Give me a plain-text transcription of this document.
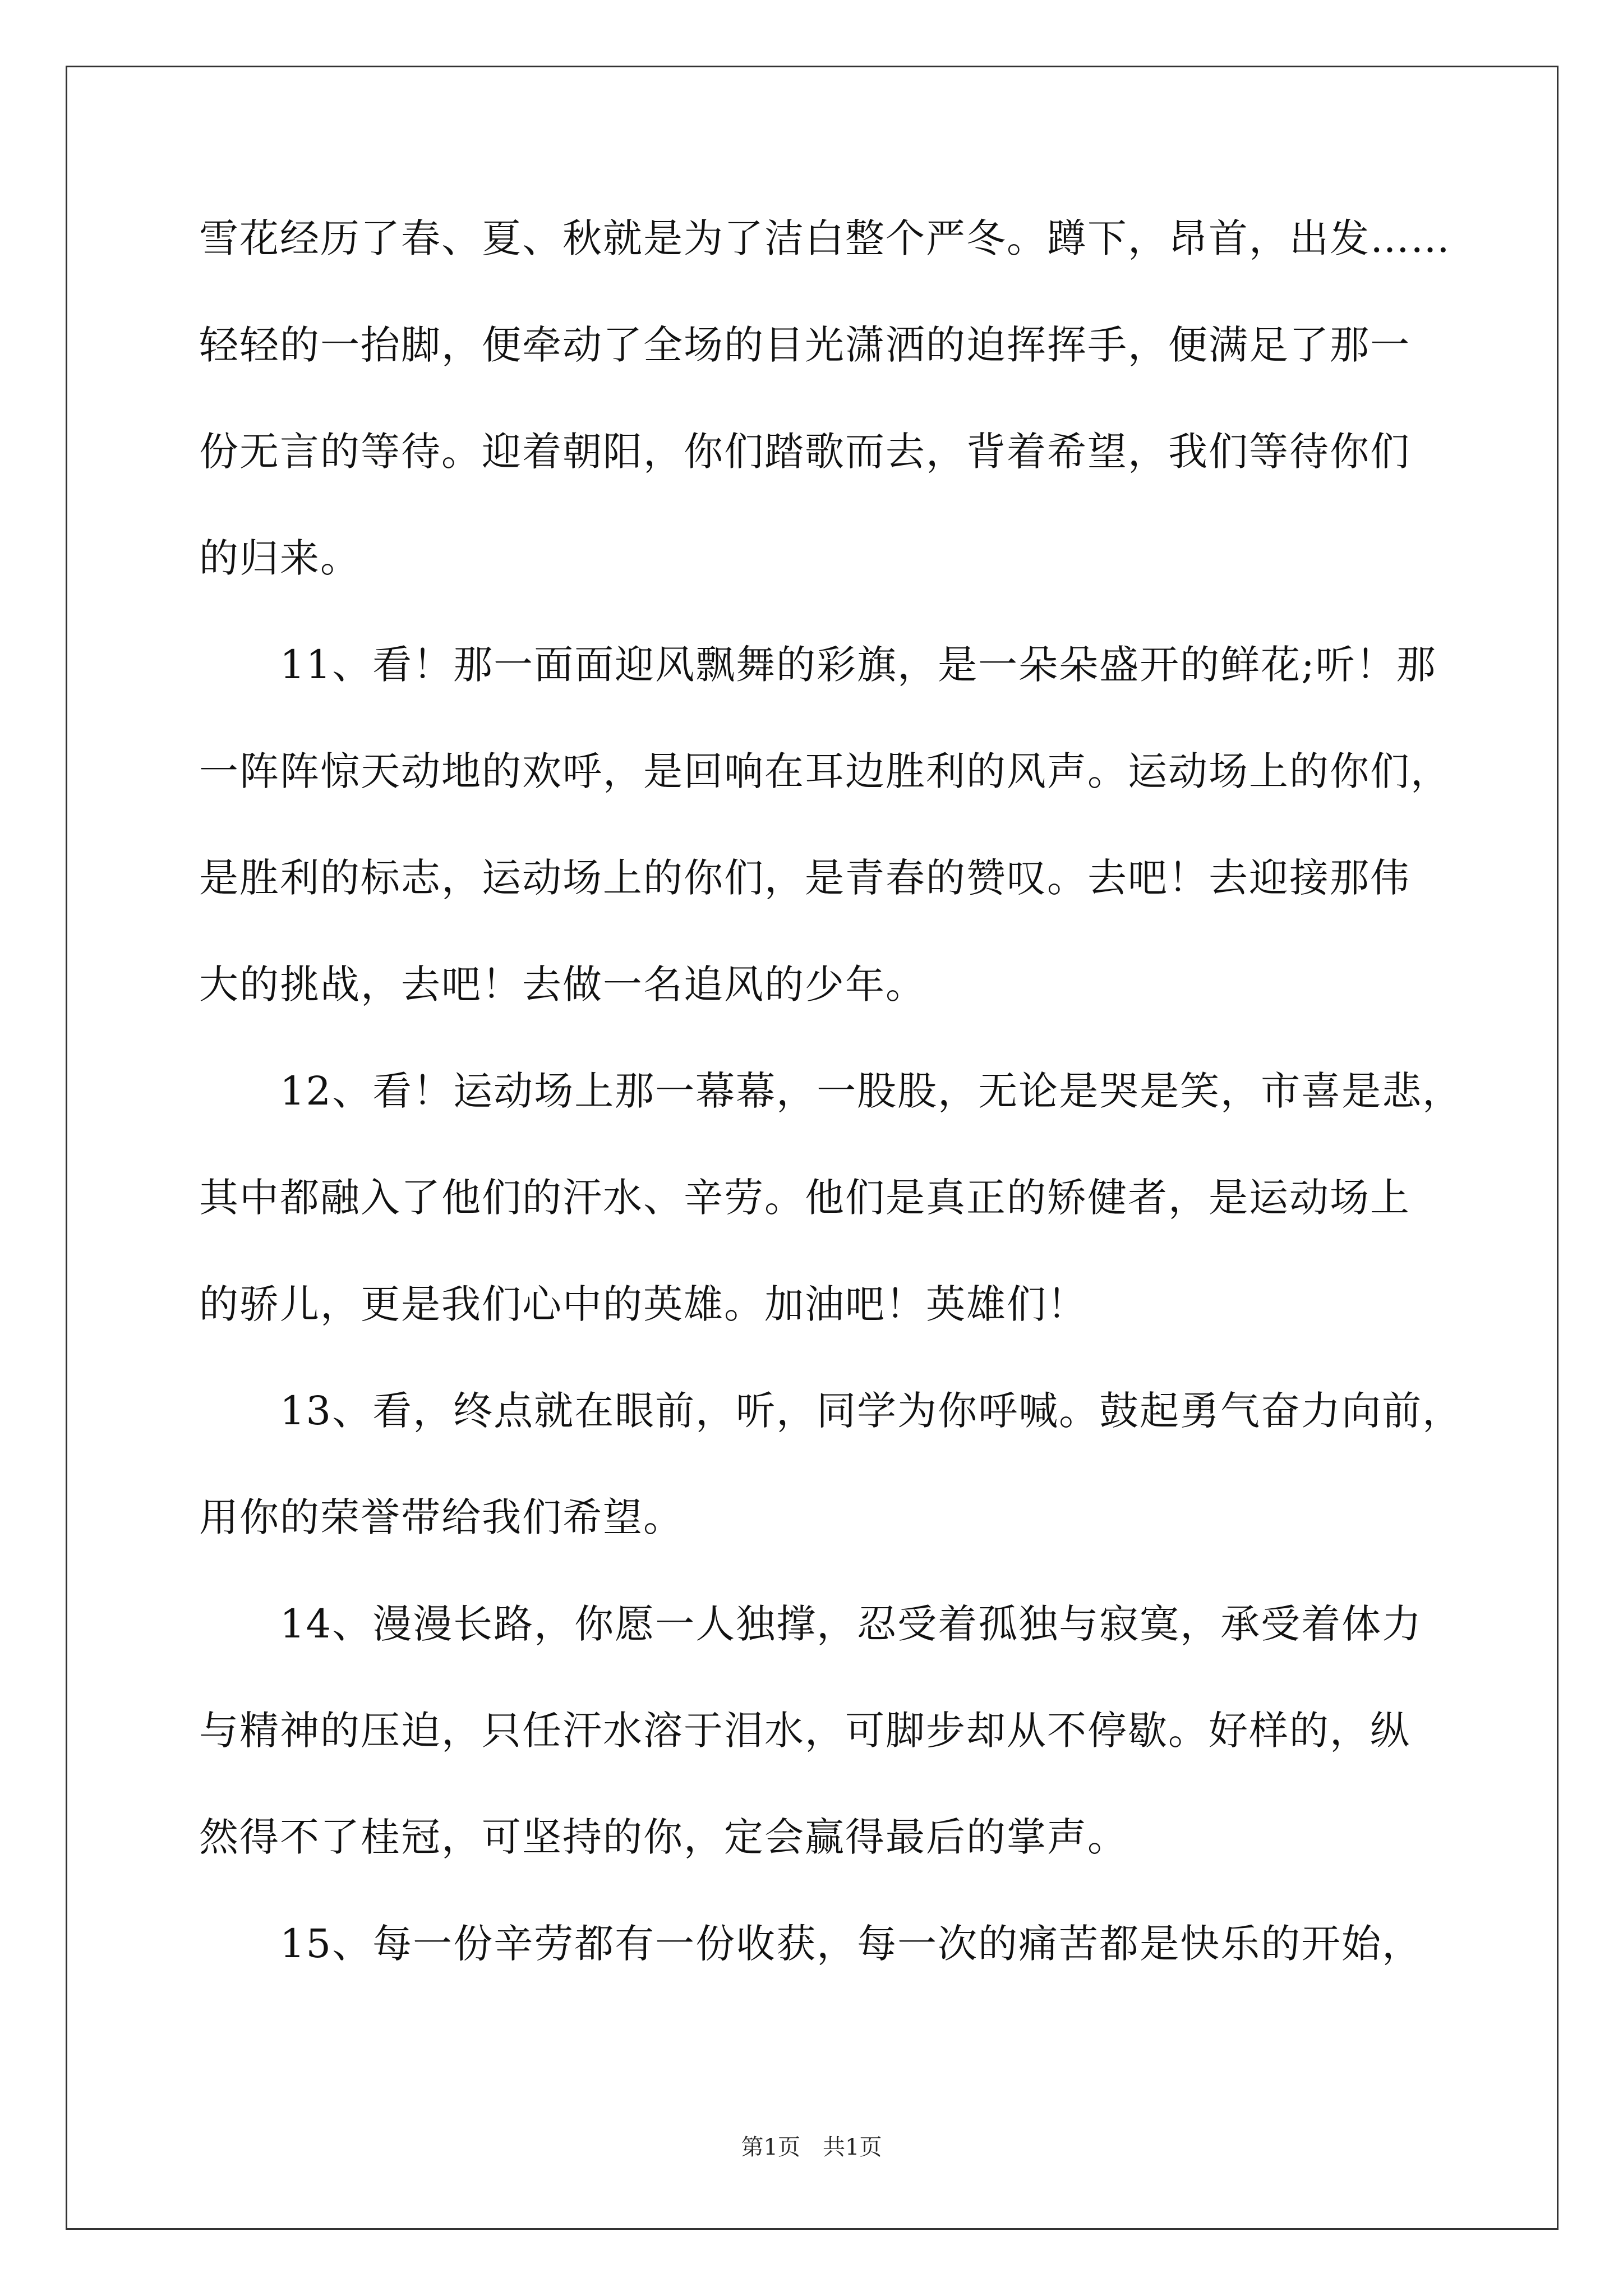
雪花经历了春、夏、秋就是为了洁白整个严冬。蹲下，昂首，出发……
轻轻的一抬脚，便牵动了全场的目光潇洒的迫挥挥手，便满足了那一
份无言的等待。迎着朝阳，你们踏歌而去，背着希望，我们等待你们
的归来。
　　11、看！那一面面迎风飘舞的彩旗，是一朵朵盛开的鲜花;听！那
一阵阵惊天动地的欢呼，是回响在耳边胜利的风声。运动场上的你们，
是胜利的标志，运动场上的你们，是青春的赞叹。去吧！去迎接那伟
大的挑战，去吧！去做一名追风的少年。
　　12、看！运动场上那一幕幕，一股股，无论是哭是笑，市喜是悲，
其中都融入了他们的汗水、辛劳。他们是真正的矫健者，是运动场上
的骄儿，更是我们心中的英雄。加油吧！英雄们！
　　13、看，终点就在眼前，听，同学为你呼喊。鼓起勇气奋力向前，
用你的荣誉带给我们希望。
　　14、漫漫长路，你愿一人独撑，忍受着孤独与寂寞，承受着体力
与精神的压迫，只任汗水溶于泪水，可脚步却从不停歇。好样的，纵
然得不了桂冠，可坚持的你，定会赢得最后的掌声。
　　15、每一份辛劳都有一份收获，每一次的痛苦都是快乐的开始，
第1页　共1页
